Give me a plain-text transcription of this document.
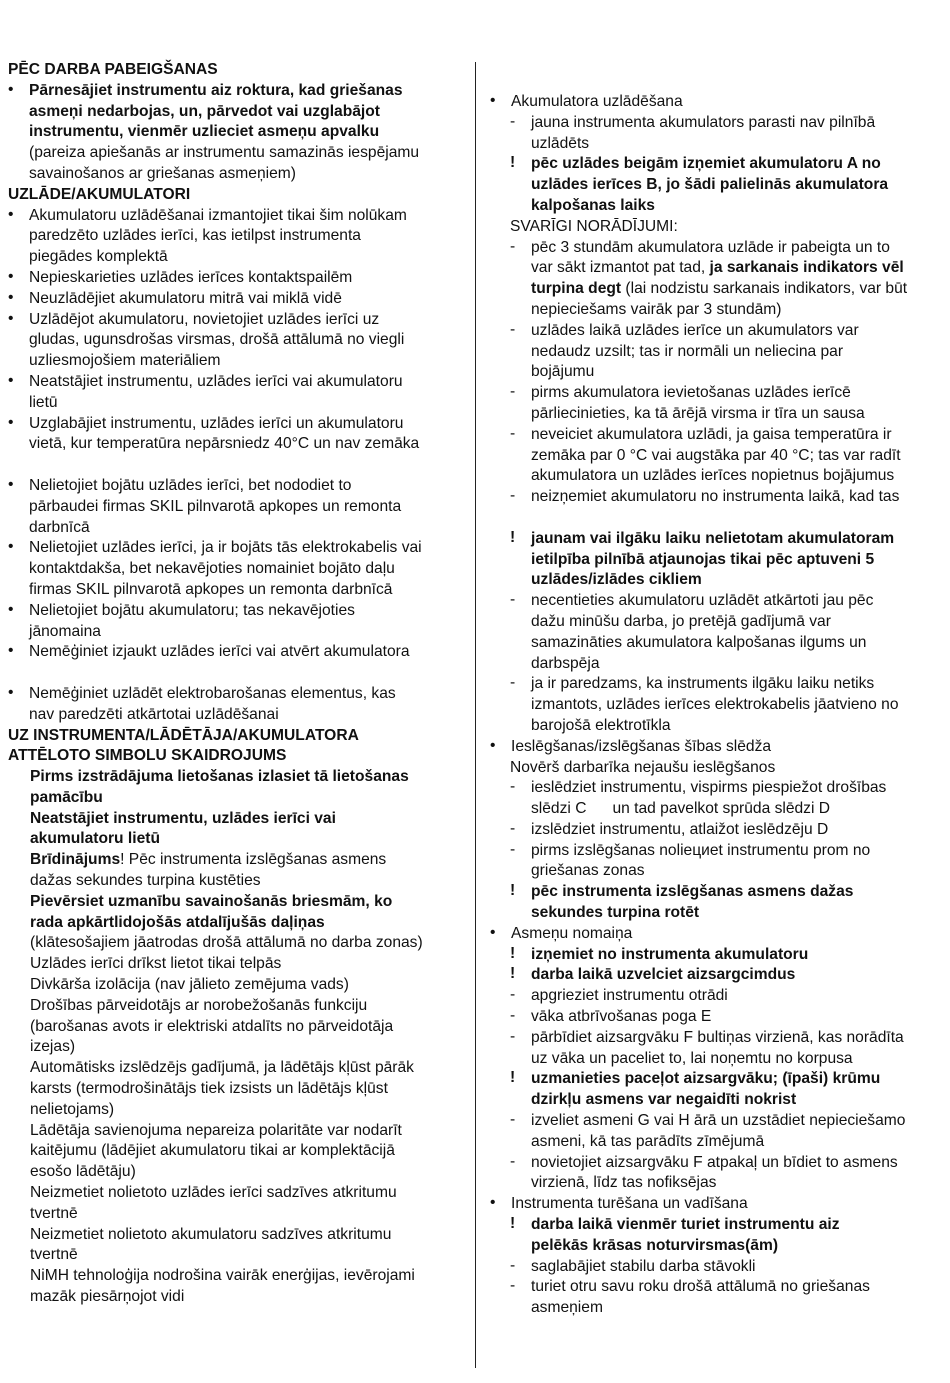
PĒC DARBA PABEIGŠANAS
• Pārnesājiet instrumentu aiz roktura, kad griešanas
asmeņi nedarbojas, un, pārvedot vai uzglabājot
instrumentu, vienmēr uzlieciet asmeņu apvalku
(pareiza apiešanās ar instrumentu samazinās iespējamu
savainošanos ar griešanas asmeņiem)
UZLĀDE/AKUMULATORI
• Akumulatoru uzlādēšanai izmantojiet tikai šim nolūkam
paredzēto uzlādes ierīci, kas ietilpst instrumenta
piegādes komplektā
• Nepieskarieties uzlādes ierīces kontaktspailēm
• Neuzlādējiet akumulatoru mitrā vai miklā vidē
• Uzlādējot akumulatoru, novietojiet uzlādes ierīci uz
gludas, ugunsdrošas virsmas, drošā attālumā no viegli
uzliesmojošiem materiāliem
• Neatstājiet instrumentu, uzlādes ierīci vai akumulatoru
lietū
• Uzglabājiet instrumentu, uzlādes ierīci un akumulatoru
vietā, kur temperatūra nepārsniedz 40°C un nav zemāka
• Nelietojiet bojātu uzlādes ierīci, bet nododiet to
pārbaudei firmas SKIL pilnvarotā apkopes un remonta
darbnīcā
• Nelietojiet uzlādes ierīci, ja ir bojāts tās elektrokabelis vai
kontaktdakša, bet nekavējoties nomainiet bojāto daļu
firmas SKIL pilnvarotā apkopes un remonta darbnīcā
• Nelietojiet bojātu akumulatoru; tas nekavējoties
jānomaina
• Nemēģiniet izjaukt uzlādes ierīci vai atvērt akumulatora
• Nemēģiniet uzlādēt elektrobarošanas elementus, kas
nav paredzēti atkārtotai uzlādēšanai
UZ INSTRUMENTA/LĀDĒTĀJA/AKUMULATORA
ATTĒLOTO SIMBOLU SKAIDROJUMS
Pirms izstrādājuma lietošanas izlasiet tā lietošanas
pamācību
Neatstājiet instrumentu, uzlādes ierīci vai
akumulatoru lietū
Brīdinājums! Pēc instrumenta izslēgšanas asmens
dažas sekundes turpina kustēties
Pievērsiet uzmanību savainošanās briesmām, ko
rada apkārtlidojošās atdalījušās daļiņas
(klātesošajiem jāatrodas drošā attālumā no darba zonas)
Uzlādes ierīci drīkst lietot tikai telpās
Divkārša izolācija (nav jālieto zemējuma vads)
Drošības pārveidotājs ar norobežošanās funkciju
(barošanas avots ir elektriski atdalīts no pārveidotāja
izejas)
Automātisks izslēdzējs gadījumā, ja lādētājs kļūst pārāk
karsts (termodrošinātājs tiek izsists un lādētājs kļūst
nelietojams)
Lādētāja savienojuma nepareiza polaritāte var nodarīt
kaitējumu (lādējiet akumulatoru tikai ar komplektācijā
esošo lādētāju)
Neizmetiet nolietoto uzlādes ierīci sadzīves atkritumu
tvertnē
Neizmetiet nolietoto akumulatoru sadzīves atkritumu
tvertnē
NiMH tehnoloģija nodrošina vairāk enerģijas, ievērojami
mazāk piesārņojot vidi
• Akumulatora uzlādēšana
- jauna instrumenta akumulators parasti nav pilnībā
uzlādēts
! pēc uzlādes beigām izņemiet akumulatoru A no
uzlādes ierīces B, jo šādi palielinās akumulatora
kalpošanas laiks
SVARĪGI NORĀDĪJUMI:
- pēc 3 stundām akumulatora uzlāde ir pabeigta un to
var sākt izmantot pat tad, ja sarkanais indikators vēl
turpina degt (lai nodzistu sarkanais indikators, var būt
nepieciešams vairāk par 3 stundām)
- uzlādes laikā uzlādes ierīce un akumulators var
nedaudz uzsilt; tas ir normāli un neliecina par
bojājumu
- pirms akumulatora ievietošanas uzlādes ierīcē
pārliecinieties, ka tā ārējā virsma ir tīra un sausa
- neveiciet akumulatora uzlādi, ja gaisa temperatūra ir
zemāka par 0 °C vai augstāka par 40 °C; tas var radīt
akumulatora un uzlādes ierīces nopietnus bojājumus
- neizņemiet akumulatoru no instrumenta laikā, kad tas
! jaunam vai ilgāku laiku nelietotam akumulatoram
ietilpība pilnībā atjaunojas tikai pēc aptuveni 5
uzlādes/izlādes cikliem
- necentieties akumulatoru uzlādēt atkārtoti jau pēc
dažu minūšu darba, jo pretējā gadījumā var
samazināties akumulatora kalpošanas ilgums un
darbspēja
- ja ir paredzams, ka instruments ilgāku laiku netiks
izmantots, uzlādes ierīces elektrokabelis jāatvieno no
barojošā elektrotīkla
• Ieslēgšanas/izslēgšanas šības slēdža
Novērš darbarīka nejaušu ieslēgšanos
- ieslēdziet instrumentu, vispirms piespiežot drošības
slēdzi C      un tad pavelkot sprūda slēdzi D
- izslēdziet instrumentu, atlaižot ieslēdzēju D
- pirms izslēgšanas noliециet instrumentu prom no
griešanas zonas
! pēc instrumenta izslēgšanas asmens dažas
sekundes turpina rotēt
• Asmeņu nomaiņa
! izņemiet no instrumenta akumulatoru
! darba laikā uzvelciet aizsargcimdus
- apgrieziet instrumentu otrādi
- vāka atbrīvošanas poga E
- pārbīdiet aizsargvāku F bultiņas virzienā, kas norādīta
uz vāka un paceliet to, lai noņemtu no korpusa
! uzmanieties paceļot aizsargvāku; (īpaši) krūmu
dzirkļu asmens var negaidīti nokrist
- izveliet asmeni G vai H ārā un uzstādiet nepieciešamo
asmeni, kā tas parādīts zīmējumā
- novietojiet aizsargvāku F atpakaļ un bīdiet to asmens
virzienā, līdz tas nofiksējas
• Instrumenta turēšana un vadīšana
! darba laikā vienmēr turiet instrumentu aiz
pelēkās krāsas noturvirsmas(ām)
- saglabājiet stabilu darba stāvokli
- turiet otru savu roku drošā attālumā no griešanas
asmeņiem
